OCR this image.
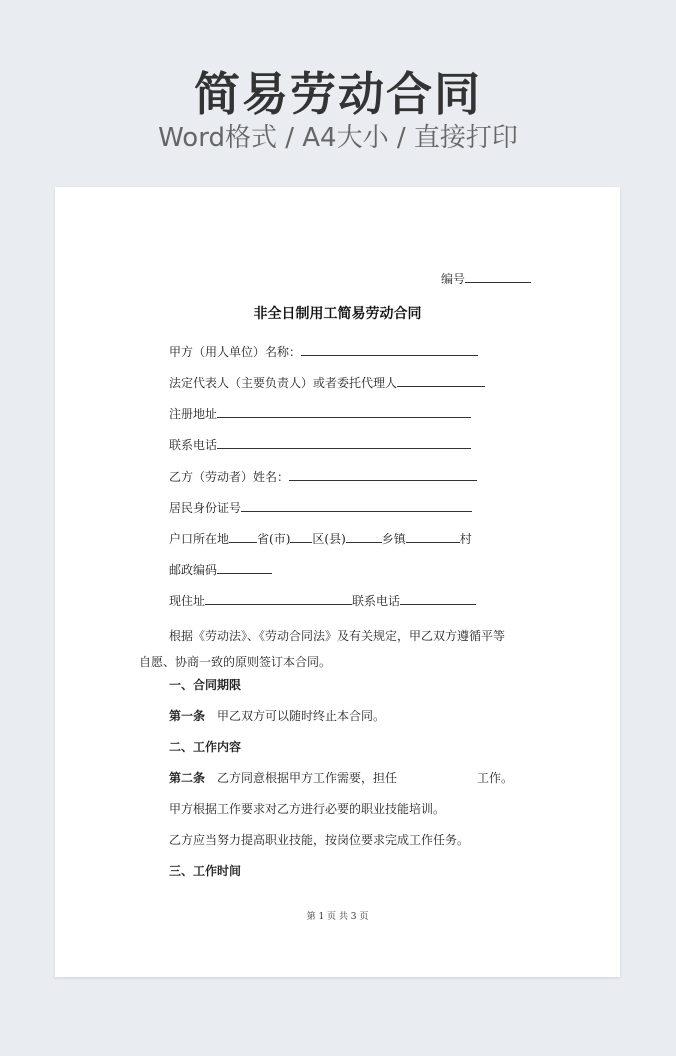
简易劳动合同
Word格式 / A4大小 / 直接打印
编号
非全日制用工简易劳动合同
甲方（用人单位）名称：
法定代表人（主要负责人）或者委托代理人
注册地址
联系电话
乙方（劳动者）姓名：
居民身份证号
户口所在地 省(市) 区(县)	乡镇	村
邮政编码
现住址	联系电话
根据《劳动法》、《劳动合同法》及有关规定，甲乙双方遵循平等自愿、协商一致的原则签订本合同。
一、合同期限
第一条 甲乙双方可以随时终止本合同。
二、工作内容
第二条 乙方同意根据甲方工作需要，担任	工作。
甲方根据工作要求对乙方进行必要的职业技能培训。
乙方应当努力提高职业技能，按岗位要求完成工作任务。
三、工作时间
第 1 页 共 3 页
